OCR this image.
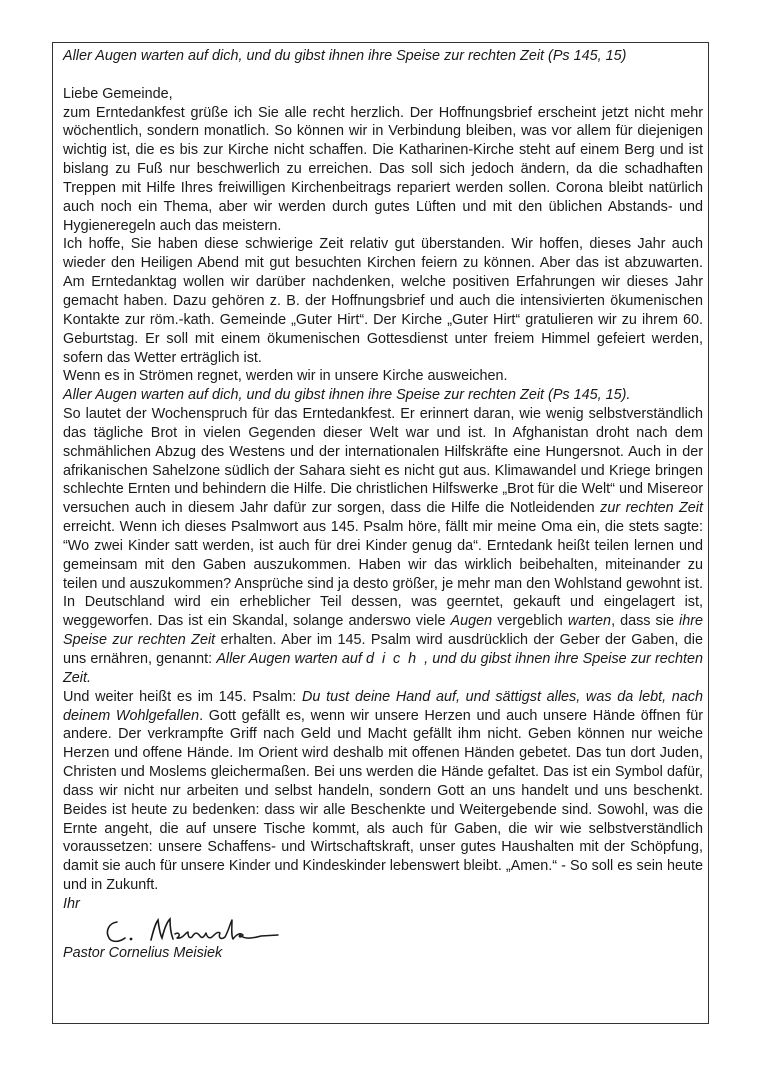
Aller Augen warten auf dich, und du gibst ihnen ihre Speise zur rechten Zeit (Ps 145, 15)

Liebe Gemeinde,

zum Erntedankfest grüße ich Sie alle recht herzlich. Der Hoffnungsbrief erscheint jetzt nicht mehr wöchentlich, sondern monatlich. So können wir in Verbindung bleiben, was vor allem für diejenigen wichtig ist, die es bis zur Kirche nicht schaffen. Die Katharinen-Kirche steht auf einem Berg und ist bislang zu Fuß nur beschwerlich zu erreichen. Das soll sich jedoch ändern, da die schadhaften Treppen mit Hilfe Ihres freiwilligen Kirchenbeitrags repariert werden sollen. Corona bleibt natürlich auch noch ein Thema, aber wir werden durch gutes Lüften und mit den üblichen Abstands- und Hygieneregeln auch das meistern.

Ich hoffe, Sie haben diese schwierige Zeit relativ gut überstanden. Wir hoffen, dieses Jahr auch wieder den Heiligen Abend mit gut besuchten Kirchen feiern zu können. Aber das ist abzuwarten. Am Erntedanktag wollen wir darüber nachdenken, welche positiven Erfahrungen wir dieses Jahr gemacht haben. Dazu gehören z. B. der Hoffnungsbrief und auch die intensivierten ökumenischen Kontakte zur röm.-kath. Gemeinde „Guter Hirt“. Der Kirche „Guter Hirt“ gratulieren wir zu ihrem 60. Geburtstag. Er soll mit einem ökumenischen Gottesdienst unter freiem Himmel gefeiert werden, sofern das Wetter erträglich ist.

Wenn es in Strömen regnet, werden wir in unsere Kirche ausweichen.

Aller Augen warten auf dich, und du gibst ihnen ihre Speise zur rechten Zeit (Ps 145, 15).

So lautet der Wochenspruch für das Erntedankfest. Er erinnert daran, wie wenig selbstverständlich das tägliche Brot in vielen Gegenden dieser Welt war und ist. In Afghanistan droht nach dem schmählichen Abzug des Westens und der internationalen Hilfskräfte eine Hungersnot. Auch in der afrikanischen Sahelzone südlich der Sahara sieht es nicht gut aus. Klimawandel und Kriege bringen schlechte Ernten und behindern die Hilfe. Die christlichen Hilfswerke „Brot für die Welt“ und Misereor versuchen auch in diesem Jahr dafür zur sorgen, dass die Hilfe die Notleidenden zur rechten Zeit erreicht. Wenn ich dieses Psalmwort aus 145. Psalm höre, fällt mir meine Oma ein, die stets sagte: “Wo zwei Kinder satt werden, ist auch für drei Kinder genug da“. Erntedank heißt teilen lernen und gemeinsam mit den Gaben auszukommen. Haben wir das wirklich beibehalten, miteinander zu teilen und auszukommen? Ansprüche sind ja desto größer, je mehr man den Wohlstand gewohnt ist. In Deutschland wird ein erheblicher Teil dessen, was geerntet, gekauft und eingelagert ist, weggeworfen. Das ist ein Skandal, solange anderswo viele Augen vergeblich warten, dass sie ihre Speise zur rechten Zeit erhalten. Aber im 145. Psalm wird ausdrücklich der Geber der Gaben, die uns ernähren, genannt: Aller Augen warten auf dich, und du gibst ihnen ihre Speise zur rechten Zeit.

Und weiter heißt es im 145. Psalm: Du tust deine Hand auf, und sättigst alles, was da lebt, nach deinem Wohlgefallen. Gott gefällt es, wenn wir unsere Herzen und auch unsere Hände öffnen für andere. Der verkrampfte Griff nach Geld und Macht gefällt ihm nicht. Geben können nur weiche Herzen und offene Hände. Im Orient wird deshalb mit offenen Händen gebetet. Das tun dort Juden, Christen und Moslems gleichermaßen. Bei uns werden die Hände gefaltet. Das ist ein Symbol dafür, dass wir nicht nur arbeiten und selbst handeln, sondern Gott an uns handelt und uns beschenkt. Beides ist heute zu bedenken: dass wir alle Beschenkte und Weitergebende sind. Sowohl, was die Ernte angeht, die auf unsere Tische kommt, als auch für Gaben, die wir wie selbstverständlich voraussetzen: unsere Schaffens- und Wirtschaftskraft, unser gutes Haushalten mit der Schöpfung, damit sie auch für unsere Kinder und Kindeskinder lebenswert bleibt. „Amen.“ - So soll es sein heute und in Zukunft.

Ihr

Pastor Cornelius Meisiek
